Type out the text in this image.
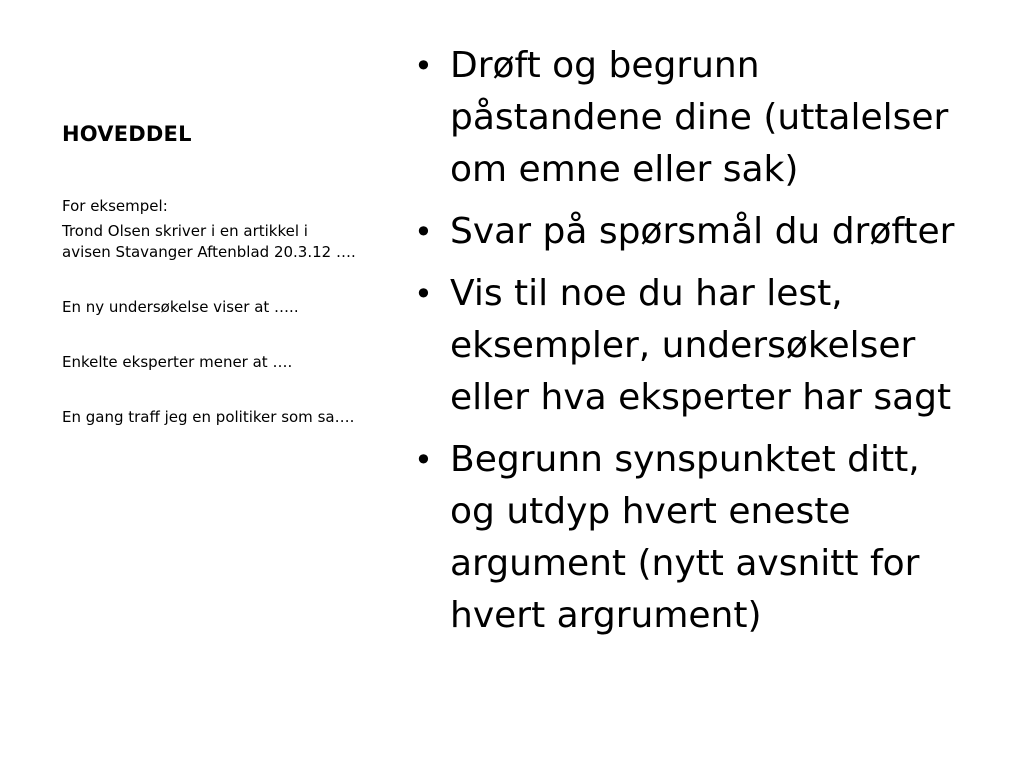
HOVEDDEL

For eksempel:

Trond Olsen skriver i en artikkel i

avisen Stavanger Aftenblad 20.3.12 ….

En ny undersøkelse viser at …..

Enkelte eksperter mener at ….

En gang traff jeg en politiker som sa….

• Drøft og begrunn
påstandene dine (uttalelser
om emne eller sak)
• Svar på spørsmål du drøfter
• Vis til noe du har lest,
eksempler, undersøkelser
eller hva eksperter har sagt
• Begrunn synspunktet ditt,
og utdyp hvert eneste
argument (nytt avsnitt for
hvert argrument)
